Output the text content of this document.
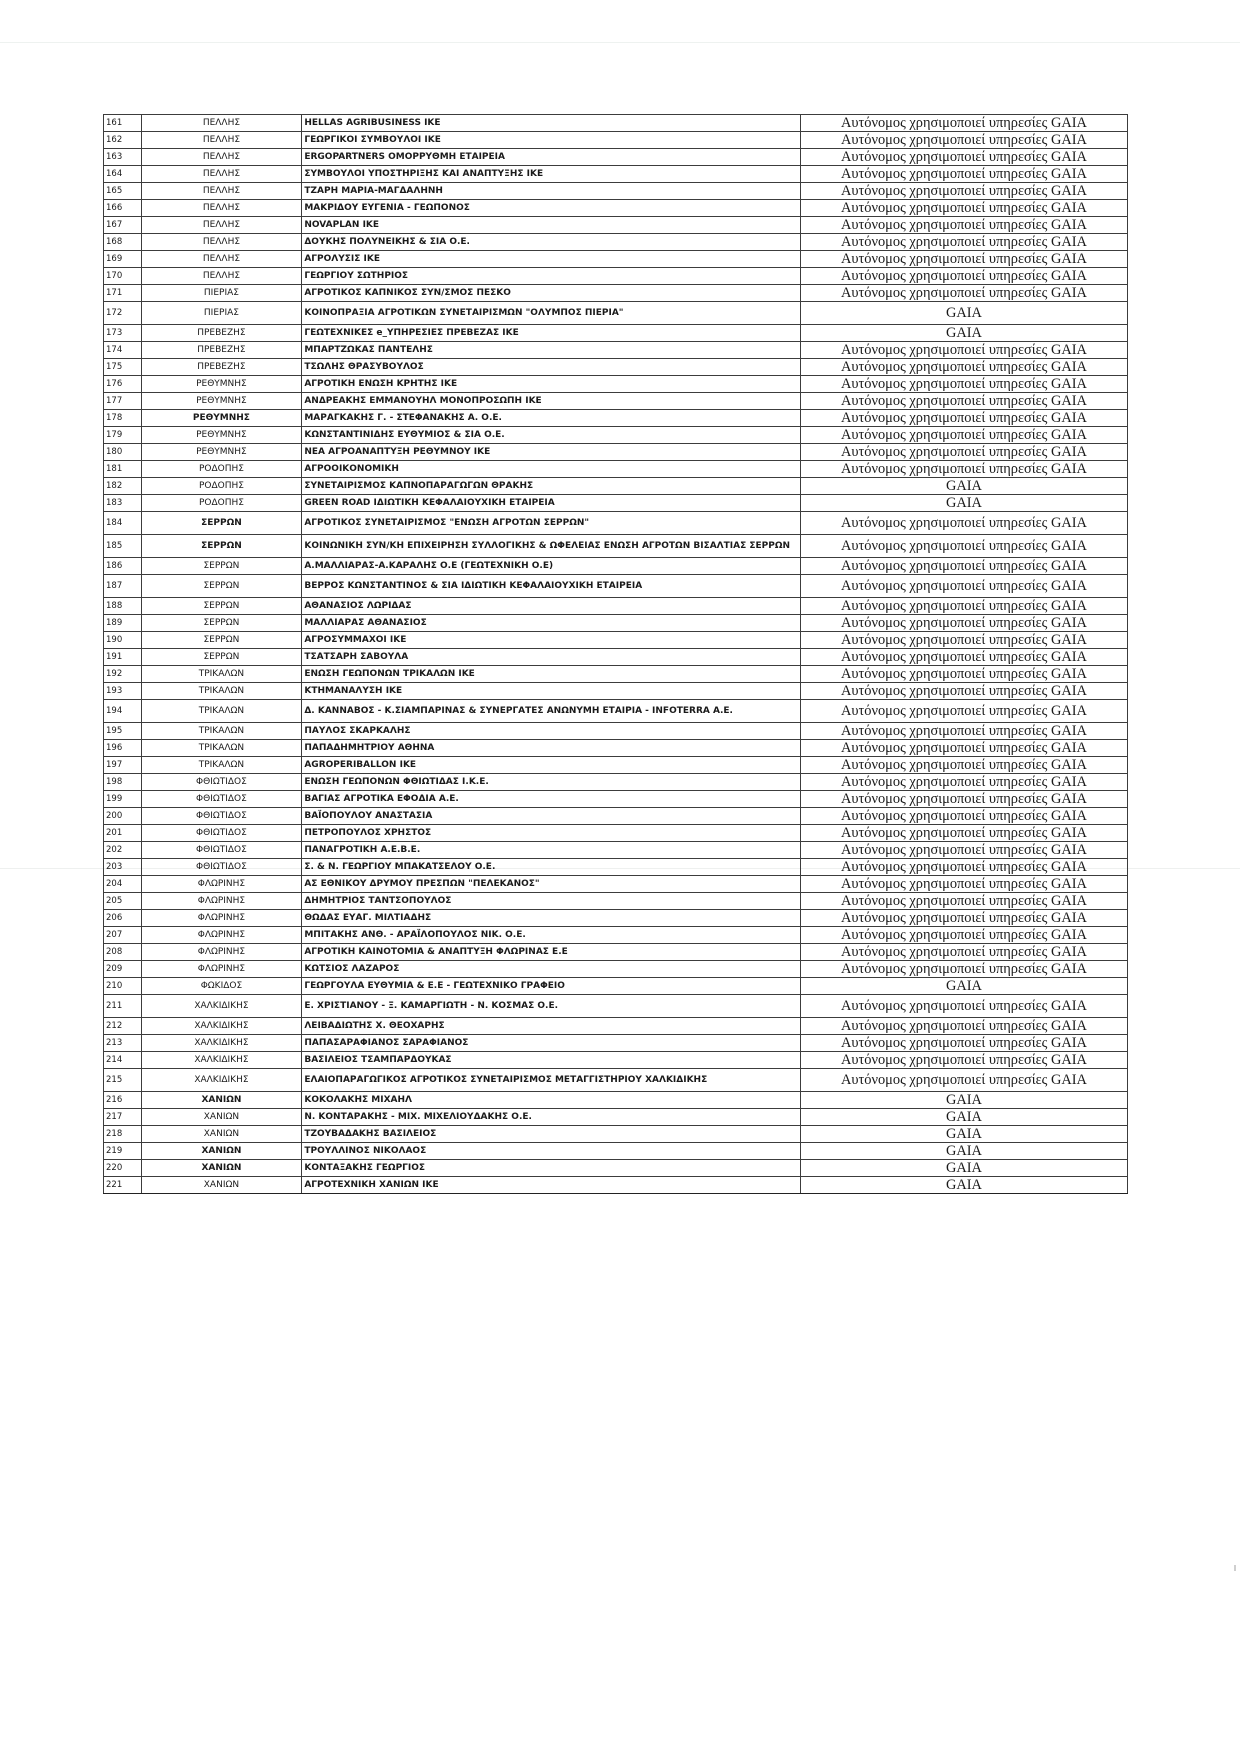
161	ΠΕΛΛΗΣ	HELLAS AGRIBUSINESS ΙΚΕ	Αυτόνομος χρησιμοποιεί υπηρεσίες GAIA
162	ΠΕΛΛΗΣ	ΓΕΩΡΓΙΚΟΙ ΣΥΜΒΟΥΛΟΙ ΙΚΕ	Αυτόνομος χρησιμοποιεί υπηρεσίες GAIA
163	ΠΕΛΛΗΣ	ERGOPARTNERS ΟΜΟΡΡΥΘΜΗ ΕΤΑΙΡΕΙΑ	Αυτόνομος χρησιμοποιεί υπηρεσίες GAIA
164	ΠΕΛΛΗΣ	ΣΥΜΒΟΥΛΟΙ ΥΠΟΣΤΗΡΙΞΗΣ ΚΑΙ ΑΝΑΠΤΥΞΗΣ ΙΚΕ	Αυτόνομος χρησιμοποιεί υπηρεσίες GAIA
165	ΠΕΛΛΗΣ	ΤΖΑΡΗ ΜΑΡΙΑ-ΜΑΓΔΑΛΗΝΗ	Αυτόνομος χρησιμοποιεί υπηρεσίες GAIA
166	ΠΕΛΛΗΣ	ΜΑΚΡΙΔΟΥ ΕΥΓΕΝΙΑ - ΓΕΩΠΟΝΟΣ	Αυτόνομος χρησιμοποιεί υπηρεσίες GAIA
167	ΠΕΛΛΗΣ	NOVAPLAN ΙΚΕ	Αυτόνομος χρησιμοποιεί υπηρεσίες GAIA
168	ΠΕΛΛΗΣ	ΔΟΥΚΗΣ ΠΟΛΥΝΕΙΚΗΣ & ΣΙΑ Ο.Ε.	Αυτόνομος χρησιμοποιεί υπηρεσίες GAIA
169	ΠΕΛΛΗΣ	ΑΓΡΟΛΥΣΙΣ ΙΚΕ	Αυτόνομος χρησιμοποιεί υπηρεσίες GAIA
170	ΠΕΛΛΗΣ	ΓΕΩΡΓΙΟΥ ΣΩΤΗΡΙΟΣ	Αυτόνομος χρησιμοποιεί υπηρεσίες GAIA
171	ΠΙΕΡΙΑΣ	ΑΓΡΟΤΙΚΟΣ ΚΑΠΝΙΚΟΣ ΣΥΝ/ΣΜΟΣ ΠΕΣΚΟ	Αυτόνομος χρησιμοποιεί υπηρεσίες GAIA
172	ΠΙΕΡΙΑΣ	ΚΟΙΝΟΠΡΑΞΙΑ ΑΓΡΟΤΙΚΩΝ ΣΥΝΕΤΑΙΡΙΣΜΩΝ "ΟΛΥΜΠΟΣ ΠΙΕΡΙΑ"	GAIA
173	ΠΡΕΒΕΖΗΣ	ΓΕΩΤΕΧΝΙΚΕΣ e_ΥΠΗΡΕΣΙΕΣ ΠΡΕΒΕΖΑΣ ΙΚΕ	GAIA
174	ΠΡΕΒΕΖΗΣ	ΜΠΑΡΤΖΩΚΑΣ ΠΑΝΤΕΛΗΣ	Αυτόνομος χρησιμοποιεί υπηρεσίες GAIA
175	ΠΡΕΒΕΖΗΣ	ΤΣΩΛΗΣ ΘΡΑΣΥΒΟΥΛΟΣ	Αυτόνομος χρησιμοποιεί υπηρεσίες GAIA
176	ΡΕΘΥΜΝΗΣ	ΑΓΡΟΤΙΚΗ ΕΝΩΣΗ ΚΡΗΤΗΣ ΙΚΕ	Αυτόνομος χρησιμοποιεί υπηρεσίες GAIA
177	ΡΕΘΥΜΝΗΣ	ΑΝΔΡΕΑΚΗΣ ΕΜΜΑΝΟΥΗΛ ΜΟΝΟΠΡΟΣΩΠΗ ΙΚΕ	Αυτόνομος χρησιμοποιεί υπηρεσίες GAIA
178	ΡΕΘΥΜΝΗΣ	ΜΑΡΑΓΚΑΚΗΣ Γ. - ΣΤΕΦΑΝΑΚΗΣ Α. Ο.Ε.	Αυτόνομος χρησιμοποιεί υπηρεσίες GAIA
179	ΡΕΘΥΜΝΗΣ	ΚΩΝΣΤΑΝΤΙΝΙΔΗΣ ΕΥΘΥΜΙΟΣ & ΣΙΑ Ο.Ε.	Αυτόνομος χρησιμοποιεί υπηρεσίες GAIA
180	ΡΕΘΥΜΝΗΣ	ΝΕΑ ΑΓΡΟΑΝΑΠΤΥΞΗ ΡΕΘΥΜΝΟΥ ΙΚΕ	Αυτόνομος χρησιμοποιεί υπηρεσίες GAIA
181	ΡΟΔΟΠΗΣ	ΑΓΡΟΟΙΚΟΝΟΜΙΚΗ	Αυτόνομος χρησιμοποιεί υπηρεσίες GAIA
182	ΡΟΔΟΠΗΣ	ΣΥΝΕΤΑΙΡΙΣΜΟΣ ΚΑΠΝΟΠΑΡΑΓΩΓΩΝ ΘΡΑΚΗΣ	GAIA
183	ΡΟΔΟΠΗΣ	GREEN ROAD ΙΔΙΩΤΙΚΗ ΚΕΦΑΛΑΙΟΥΧΙΚΗ ΕΤΑΙΡΕΙΑ	GAIA
184	ΣΕΡΡΩΝ	ΑΓΡΟΤΙΚΟΣ ΣΥΝΕΤΑΙΡΙΣΜΟΣ "ΕΝΩΣΗ ΑΓΡΟΤΩΝ ΣΕΡΡΩΝ"	Αυτόνομος χρησιμοποιεί υπηρεσίες GAIA
185	ΣΕΡΡΩΝ	ΚΟΙΝΩΝΙΚΗ ΣΥΝ/ΚΗ ΕΠΙΧΕΙΡΗΣΗ ΣΥΛΛΟΓΙΚΗΣ & ΩΦΕΛΕΙΑΣ ΕΝΩΣΗ ΑΓΡΟΤΩΝ ΒΙΣΑΛΤΙΑΣ ΣΕΡΡΩΝ	Αυτόνομος χρησιμοποιεί υπηρεσίες GAIA
186	ΣΕΡΡΩΝ	Α.ΜΑΛΛΙΑΡΑΣ-Α.ΚΑΡΑΛΗΣ Ο.Ε (ΓΕΩΤΕΧΝΙΚΗ Ο.Ε)	Αυτόνομος χρησιμοποιεί υπηρεσίες GAIA
187	ΣΕΡΡΩΝ	ΒΕΡΡΟΣ ΚΩΝΣΤΑΝΤΙΝΟΣ & ΣΙΑ ΙΔΙΩΤΙΚΗ ΚΕΦΑΛΑΙΟΥΧΙΚΗ ΕΤΑΙΡΕΙΑ	Αυτόνομος χρησιμοποιεί υπηρεσίες GAIA
188	ΣΕΡΡΩΝ	ΑΘΑΝΑΣΙΟΣ ΛΩΡΙΔΑΣ	Αυτόνομος χρησιμοποιεί υπηρεσίες GAIA
189	ΣΕΡΡΩΝ	ΜΑΛΛΙΑΡΑΣ ΑΘΑΝΑΣΙΟΣ	Αυτόνομος χρησιμοποιεί υπηρεσίες GAIA
190	ΣΕΡΡΩΝ	ΑΓΡΟΣΥΜΜΑΧΟΙ ΙΚΕ	Αυτόνομος χρησιμοποιεί υπηρεσίες GAIA
191	ΣΕΡΡΩΝ	ΤΣΑΤΣΑΡΗ ΣΑΒΟΥΛΑ	Αυτόνομος χρησιμοποιεί υπηρεσίες GAIA
192	ΤΡΙΚΑΛΩΝ	ΕΝΩΣΗ ΓΕΩΠΟΝΩΝ ΤΡΙΚΑΛΩΝ ΙΚΕ	Αυτόνομος χρησιμοποιεί υπηρεσίες GAIA
193	ΤΡΙΚΑΛΩΝ	ΚΤΗΜΑΝΑΛΥΣΗ ΙΚΕ	Αυτόνομος χρησιμοποιεί υπηρεσίες GAIA
194	ΤΡΙΚΑΛΩΝ	Δ. ΚΑΝΝΑΒΟΣ - Κ.ΣΙΑΜΠΑΡΙΝΑΣ & ΣΥΝΕΡΓΑΤΕΣ ΑΝΩΝΥΜΗ ΕΤΑΙΡΙΑ - INFOTERRA Α.Ε.	Αυτόνομος χρησιμοποιεί υπηρεσίες GAIA
195	ΤΡΙΚΑΛΩΝ	ΠΑΥΛΟΣ ΣΚΑΡΚΑΛΗΣ	Αυτόνομος χρησιμοποιεί υπηρεσίες GAIA
196	ΤΡΙΚΑΛΩΝ	ΠΑΠΑΔΗΜΗΤΡΙΟΥ ΑΘΗΝΑ	Αυτόνομος χρησιμοποιεί υπηρεσίες GAIA
197	ΤΡΙΚΑΛΩΝ	AGROPERIBALLON ΙΚΕ	Αυτόνομος χρησιμοποιεί υπηρεσίες GAIA
198	ΦΘΙΩΤΙΔΟΣ	ΕΝΩΣΗ ΓΕΩΠΟΝΩΝ ΦΘΙΩΤΙΔΑΣ Ι.Κ.Ε.	Αυτόνομος χρησιμοποιεί υπηρεσίες GAIA
199	ΦΘΙΩΤΙΔΟΣ	ΒΑΓΙΑΣ ΑΓΡΟΤΙΚΑ ΕΦΟΔΙΑ Α.Ε.	Αυτόνομος χρησιμοποιεί υπηρεσίες GAIA
200	ΦΘΙΩΤΙΔΟΣ	ΒΑΪΟΠΟΥΛΟΥ ΑΝΑΣΤΑΣΙΑ	Αυτόνομος χρησιμοποιεί υπηρεσίες GAIA
201	ΦΘΙΩΤΙΔΟΣ	ΠΕΤΡΟΠΟΥΛΟΣ ΧΡΗΣΤΟΣ	Αυτόνομος χρησιμοποιεί υπηρεσίες GAIA
202	ΦΘΙΩΤΙΔΟΣ	ΠΑΝΑΓΡΟΤΙΚΗ Α.Ε.Β.Ε.	Αυτόνομος χρησιμοποιεί υπηρεσίες GAIA
203	ΦΘΙΩΤΙΔΟΣ	Σ. & Ν. ΓΕΩΡΓΙΟΥ ΜΠΑΚΑΤΣΕΛΟΥ Ο.Ε.	Αυτόνομος χρησιμοποιεί υπηρεσίες GAIA
204	ΦΛΩΡΙΝΗΣ	ΑΣ ΕΘΝΙΚΟΥ ΔΡΥΜΟΥ ΠΡΕΣΠΩΝ "ΠΕΛΕΚΑΝΟΣ"	Αυτόνομος χρησιμοποιεί υπηρεσίες GAIA
205	ΦΛΩΡΙΝΗΣ	ΔΗΜΗΤΡΙΟΣ ΤΑΝΤΣΟΠΟΥΛΟΣ	Αυτόνομος χρησιμοποιεί υπηρεσίες GAIA
206	ΦΛΩΡΙΝΗΣ	ΘΩΔΑΣ ΕΥΑΓ. ΜΙΛΤΙΑΔΗΣ	Αυτόνομος χρησιμοποιεί υπηρεσίες GAIA
207	ΦΛΩΡΙΝΗΣ	ΜΠΙΤΑΚΗΣ ΑΝΘ. - ΑΡΑΪΛΟΠΟΥΛΟΣ ΝΙΚ. Ο.Ε.	Αυτόνομος χρησιμοποιεί υπηρεσίες GAIA
208	ΦΛΩΡΙΝΗΣ	ΑΓΡΟΤΙΚΗ ΚΑΙΝΟΤΟΜΙΑ & ΑΝΑΠΤΥΞΗ ΦΛΩΡΙΝΑΣ Ε.Ε	Αυτόνομος χρησιμοποιεί υπηρεσίες GAIA
209	ΦΛΩΡΙΝΗΣ	ΚΩΤΣΙΟΣ ΛΑΖΑΡΟΣ	Αυτόνομος χρησιμοποιεί υπηρεσίες GAIA
210	ΦΩΚΙΔΟΣ	ΓΕΩΡΓΟΥΛΑ ΕΥΘΥΜΙΑ & Ε.Ε - ΓΕΩΤΕΧΝΙΚΟ ΓΡΑΦΕΙΟ	GAIA
211	ΧΑΛΚΙΔΙΚΗΣ	Ε. ΧΡΙΣΤΙΑΝΟΥ - Ξ. ΚΑΜΑΡΓΙΩΤΗ - Ν. ΚΟΣΜΑΣ Ο.Ε.	Αυτόνομος χρησιμοποιεί υπηρεσίες GAIA
212	ΧΑΛΚΙΔΙΚΗΣ	ΛΕΙΒΑΔΙΩΤΗΣ Χ. ΘΕΟΧΑΡΗΣ	Αυτόνομος χρησιμοποιεί υπηρεσίες GAIA
213	ΧΑΛΚΙΔΙΚΗΣ	ΠΑΠΑΣΑΡΑΦΙΑΝΟΣ ΣΑΡΑΦΙΑΝΟΣ	Αυτόνομος χρησιμοποιεί υπηρεσίες GAIA
214	ΧΑΛΚΙΔΙΚΗΣ	ΒΑΣΙΛΕΙΟΣ ΤΣΑΜΠΑΡΔΟΥΚΑΣ	Αυτόνομος χρησιμοποιεί υπηρεσίες GAIA
215	ΧΑΛΚΙΔΙΚΗΣ	ΕΛΑΙΟΠΑΡΑΓΩΓΙΚΟΣ ΑΓΡΟΤΙΚΟΣ ΣΥΝΕΤΑΙΡΙΣΜΟΣ ΜΕΤΑΓΓΙΣΤΗΡΙΟΥ ΧΑΛΚΙΔΙΚΗΣ	Αυτόνομος χρησιμοποιεί υπηρεσίες GAIA
216	ΧΑΝΙΩΝ	ΚΟΚΟΛΑΚΗΣ ΜΙΧΑΗΛ	GAIA
217	ΧΑΝΙΩΝ	Ν. ΚΟΝΤΑΡΑΚΗΣ - ΜΙΧ. ΜΙΧΕΛΙΟΥΔΑΚΗΣ Ο.Ε.	GAIA
218	ΧΑΝΙΩΝ	ΤΖΟΥΒΑΔΑΚΗΣ ΒΑΣΙΛΕΙΟΣ	GAIA
219	ΧΑΝΙΩΝ	ΤΡΟΥΛΛΙΝΟΣ ΝΙΚΟΛΑΟΣ	GAIA
220	ΧΑΝΙΩΝ	ΚΟΝΤΑΞΑΚΗΣ ΓΕΩΡΓΙΟΣ	GAIA
221	ΧΑΝΙΩΝ	ΑΓΡΟΤΕΧΝΙΚΗ ΧΑΝΙΩΝ ΙΚΕ	GAIA
